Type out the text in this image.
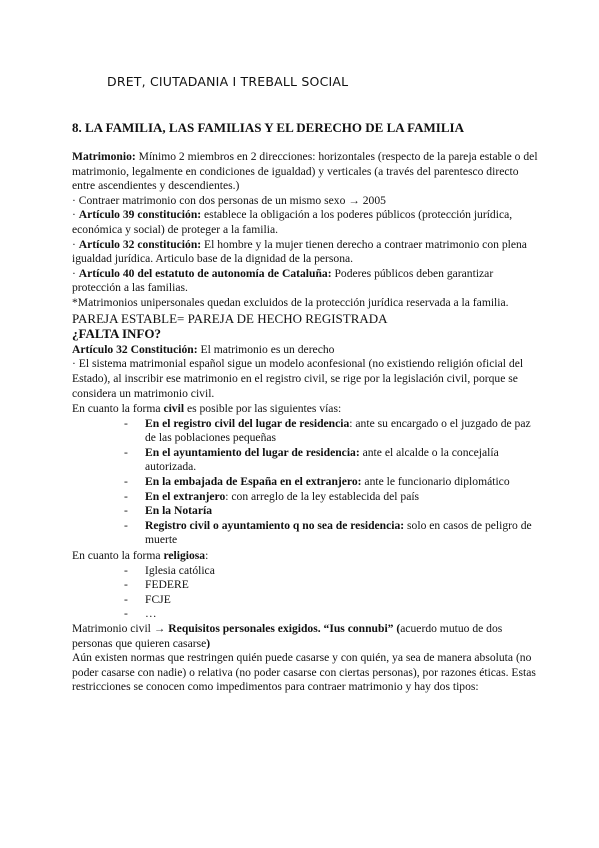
DRET, CIUTADANIA I TREBALL SOCIAL
8. LA FAMILIA, LAS FAMILIAS Y EL DERECHO DE LA FAMILIA

Matrimonio: Mínimo 2 miembros en 2 direcciones: horizontales (respecto de la pareja estable o del matrimonio, legalmente en condiciones de igualdad) y verticales (a través del parentesco directo entre ascendientes y descendientes.)

· Contraer matrimonio con dos personas de un mismo sexo → 2005

· Artículo 39 constitución: establece la obligación a los poderes públicos (protección jurídica, económica y social) de proteger a la familia.

· Artículo 32 constitución: El hombre y la mujer tienen derecho a contraer matrimonio con plena igualdad jurídica. Articulo base de la dignidad de la persona.

· Artículo 40 del estatuto de autonomía de Cataluña: Poderes públicos deben garantizar protección a las familias.

*Matrimonios unipersonales quedan excluidos de la protección jurídica reservada a la familia.

PAREJA ESTABLE= PAREJA DE HECHO REGISTRADA

¿FALTA INFO?

Artículo 32 Constitución: El matrimonio es un derecho

· El sistema matrimonial español sigue un modelo aconfesional (no existiendo religión oficial del Estado), al inscribir ese matrimonio en el registro civil, se rige por la legislación civil, porque se considera un matrimonio civil.

En cuanto la forma civil es posible por las siguientes vías:

- En el registro civil del lugar de residencia: ante su encargado o el juzgado de paz de las poblaciones pequeñas
- En el ayuntamiento del lugar de residencia: ante el alcalde o la concejalía autorizada.
- En la embajada de España en el extranjero: ante le funcionario diplomático
- En el extranjero: con arreglo de la ley establecida del país
- En la Notaría
- Registro civil o ayuntamiento q no sea de residencia: solo en casos de peligro de muerte

En cuanto la forma religiosa:

- Iglesia católica
- FEDERE
- FCJE
- …

Matrimonio civil → Requisitos personales exigidos. “Ius connubi” (acuerdo mutuo de dos personas que quieren casarse)

Aún existen normas que restringen quién puede casarse y con quién, ya sea de manera absoluta (no poder casarse con nadie) o relativa (no poder casarse con ciertas personas), por razones éticas. Estas restricciones se conocen como impedimentos para contraer matrimonio y hay dos tipos:
